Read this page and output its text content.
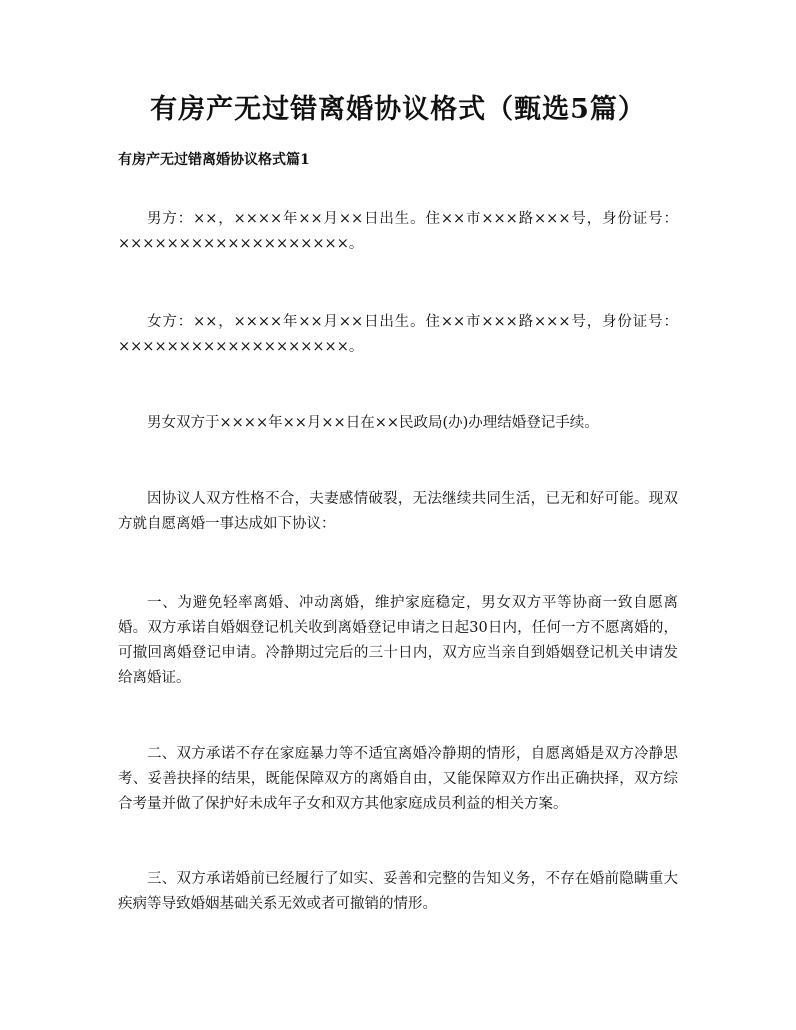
有房产无过错离婚协议格式（甄选5篇）
有房产无过错离婚协议格式篇1

男方：××，××××年××月××日出生。住××市×××路×××号，身份证号：×××××××××××××××××××。

女方：××，××××年××月××日出生。住××市×××路×××号，身份证号：×××××××××××××××××××。

男女双方于××××年××月××日在××民政局(办)办理结婚登记手续。

因协议人双方性格不合，夫妻感情破裂，无法继续共同生活，已无和好可能。现双方就自愿离婚一事达成如下协议：

一、为避免轻率离婚、冲动离婚，维护家庭稳定，男女双方平等协商一致自愿离婚。双方承诺自婚姻登记机关收到离婚登记申请之日起30日内，任何一方不愿离婚的，可撤回离婚登记申请。冷静期过完后的三十日内，双方应当亲自到婚姻登记机关申请发给离婚证。

二、双方承诺不存在家庭暴力等不适宜离婚冷静期的情形，自愿离婚是双方冷静思考、妥善抉择的结果，既能保障双方的离婚自由，又能保障双方作出正确抉择，双方综合考量并做了保护好未成年子女和双方其他家庭成员利益的相关方案。

三、双方承诺婚前已经履行了如实、妥善和完整的告知义务，不存在婚前隐瞒重大疾病等导致婚姻基础关系无效或者可撤销的情形。
